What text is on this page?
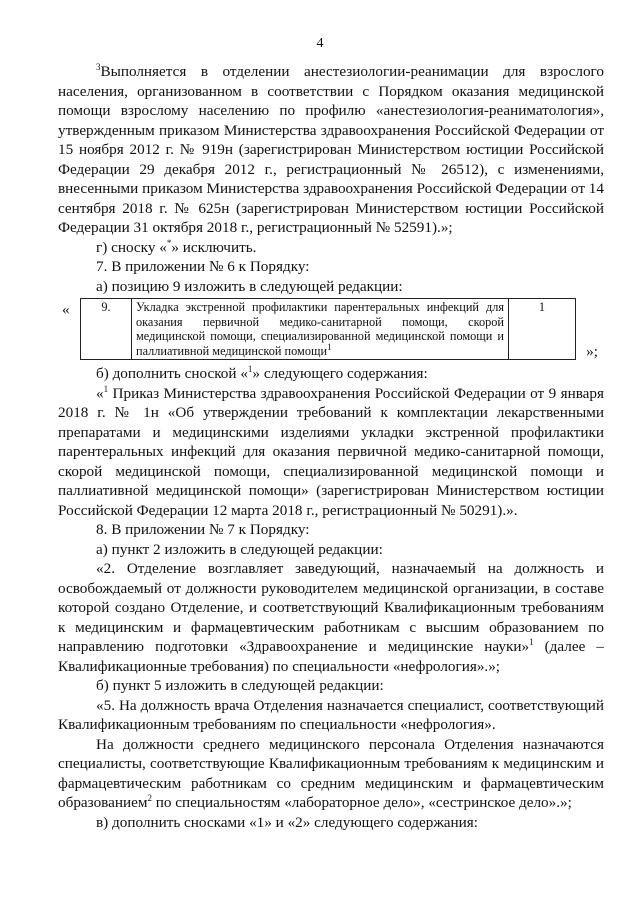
4

$^3$Выполняется в отделении анестезиологии-реанимации для взрослого населения, организованном в соответствии с Порядком оказания медицинской помощи взрослому населению по профилю «анестезиология-реаниматология», утвержденным приказом Министерства здравоохранения Российской Федерации от 15 ноября 2012 г. № 919н (зарегистрирован Министерством юстиции Российской Федерации 29 декабря 2012 г., регистрационный № 26512), с изменениями, внесенными приказом Министерства здравоохранения Российской Федерации от 14 сентября 2018 г. № 625н (зарегистрирован Министерством юстиции Российской Федерации 31 октября 2018 г., регистрационный № 52591).»;

г) сноску «*» исключить.

7. В приложении № 6 к Порядку:

а) позицию 9 изложить в следующей редакции:

«	9.	Укладка экстренной профилактики парентеральных инфекций для оказания первичной медико-санитарной помощи, скорой медицинской помощи, специализированной медицинской помощи и паллиативной медицинской помощи$^1$	1
»;

б) дополнить сноской «$^1$» следующего содержания:

«$^1$ Приказ Министерства здравоохранения Российской Федерации от 9 января 2018 г. № 1н «Об утверждении требований к комплектации лекарственными препаратами и медицинскими изделиями укладки экстренной профилактики парентеральных инфекций для оказания первичной медико-санитарной помощи, скорой медицинской помощи, специализированной медицинской помощи и паллиативной медицинской помощи» (зарегистрирован Министерством юстиции Российской Федерации 12 марта 2018 г., регистрационный № 50291).».

8. В приложении № 7 к Порядку:

а) пункт 2 изложить в следующей редакции:

«2. Отделение возглавляет заведующий, назначаемый на должность и освобождаемый от должности руководителем медицинской организации, в составе которой создано Отделение, и соответствующий Квалификационным требованиям к медицинским и фармацевтическим работникам с высшим образованием по направлению подготовки «Здравоохранение и медицинские науки»$^1$ (далее – Квалификационные требования) по специальности «нефрология».»;

б) пункт 5 изложить в следующей редакции:

«5. На должность врача Отделения назначается специалист, соответствующий Квалификационным требованиям по специальности «нефрология».

На должности среднего медицинского персонала Отделения назначаются специалисты, соответствующие Квалификационным требованиям к медицинским и фармацевтическим работникам со средним медицинским и фармацевтическим образованием$^2$ по специальностям «лабораторное дело», «сестринское дело».»;

в) дополнить сносками «1» и «2» следующего содержания:
